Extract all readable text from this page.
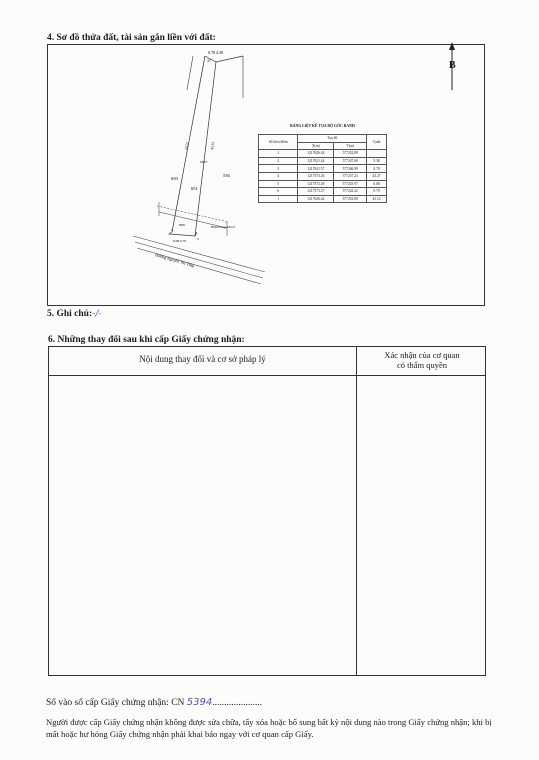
4. Sơ đồ thửa đất, tài sản gắn liền với đất:
B
0.78 4.38
37
43.27	43.12
650
536
651
ONT
HNK	Hành lang ATGT
6.08 0.79
4
5
Đường Nguyễn Thị Thập
BẢNG LIỆT KÊ TỌA ĐỘ GÓC RANH
Số hiệu điểm	Tọa độ		Cạnh
	X(m)	Y(m)	
1	1217626.44	577252.89	
2	1217621.44	577247.68	5.38
3	1217621.57	577246.99	0.78
4	1217573.26	577257.23	43.27
5	1217572.49	577243.97	6.08
6	1217573.27	577243.22	0.79
1	1217626.44	577252.89	43.12
5. Ghi chú: -/-
6. Những thay đổi sau khi cấp Giấy chứng nhận:
Nội dung thay đổi và cơ sở pháp lý	Xác nhận của cơ quan
có thẩm quyền
Số vào sổ cấp Giấy chứng nhận: CN 5394.....................
Người được cấp Giấy chứng nhận không được sửa chữa, tẩy xóa hoặc bổ sung bất kỳ nội dung nào trong Giấy chứng nhận; khi bị mất hoặc hư hỏng Giấy chứng nhận phải khai báo ngay với cơ quan cấp Giấy.
